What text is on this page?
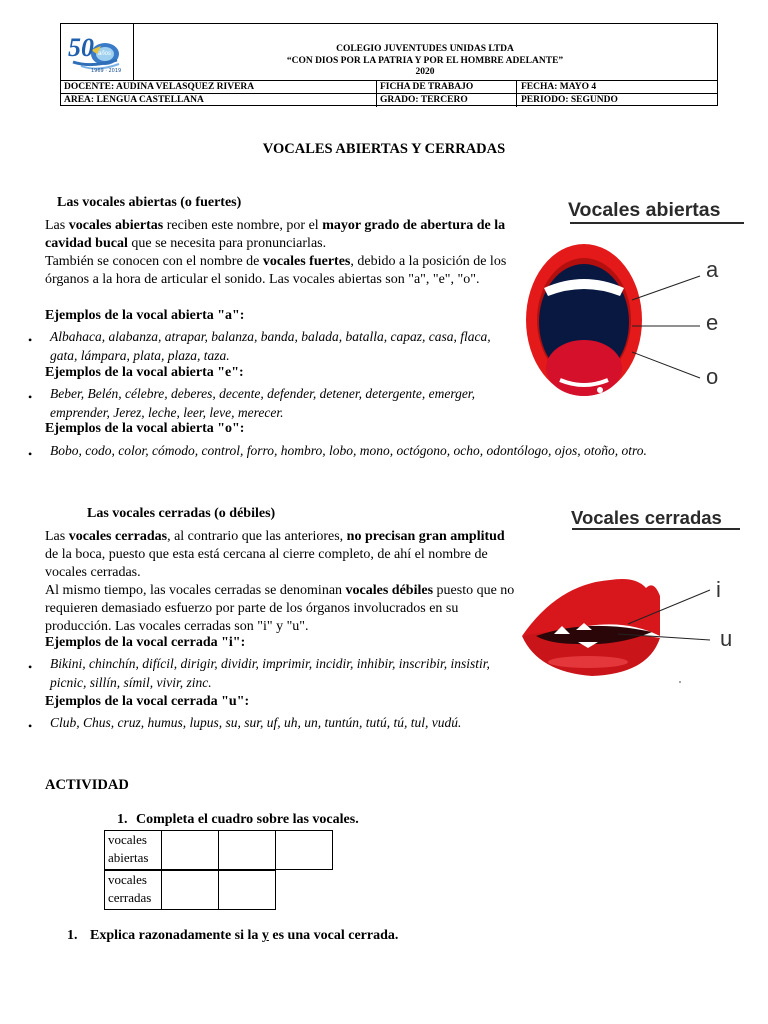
1969 · 2019
50 años	COLEGIO JUVENTUDES UNIDAS LTDA
“CON DIOS POR LA PATRIA Y POR EL HOMBRE ADELANTE”
2020
DOCENTE: AUDINA VELASQUEZ RIVERA	FICHA DE TRABAJO	FECHA: MAYO 4
AREA: LENGUA CASTELLANA	GRADO: TERCERO	PERIODO: SEGUNDO
VOCALES ABIERTAS Y CERRADAS
Las vocales abiertas (o fuertes)
Las vocales abiertas reciben este nombre, por el mayor grado de abertura de la cavidad bucal que se necesita para pronunciarlas.
También se conocen con el nombre de vocales fuertes, debido a la posición de los órganos a la hora de articular el sonido. Las vocales abiertas son "a", "e", "o".
Ejemplos de la vocal abierta "a":
• Albahaca, alabanza, atrapar, balanza, banda, balada, batalla, capaz, casa, flaca, gata, lámpara, plata, plaza, taza.
Ejemplos de la vocal abierta "e":
• Beber, Belén, célebre, deberes, decente, defender, detener, detergente, emerger, emprender, Jerez, leche, leer, leve, merecer.
Ejemplos de la vocal abierta "o":
• Bobo, codo, color, cómodo, control, forro, hombro, lobo, mono, octógono, ocho, odontólogo, ojos, otoño, otro.
Vocales abiertas
a
e
o
Las vocales cerradas (o débiles)
Las vocales cerradas, al contrario que las anteriores, no precisan gran amplitud de la boca, puesto que esta está cercana al cierre completo, de ahí el nombre de vocales cerradas.
Al mismo tiempo, las vocales cerradas se denominan vocales débiles puesto que no requieren demasiado esfuerzo por parte de los órganos involucrados en su producción. Las vocales cerradas son "i" y "u".
Ejemplos de la vocal cerrada "i":
• Bikini, chinchín, difícil, dirigir, dividir, imprimir, incidir, inhibir, inscribir, insistir, picnic, sillín, símil, vivir, zinc.
Ejemplos de la vocal cerrada "u":
• Club, Chus, cruz, humus, lupus, su, sur, uf, uh, un, tuntún, tutú, tú, tul, vudú.
Vocales cerradas
i
u
ACTIVIDAD
1. Completa el cuadro sobre las vocales.
vocales abiertas			
vocales cerradas		
1. Explica razonadamente si la y es una vocal cerrada.
